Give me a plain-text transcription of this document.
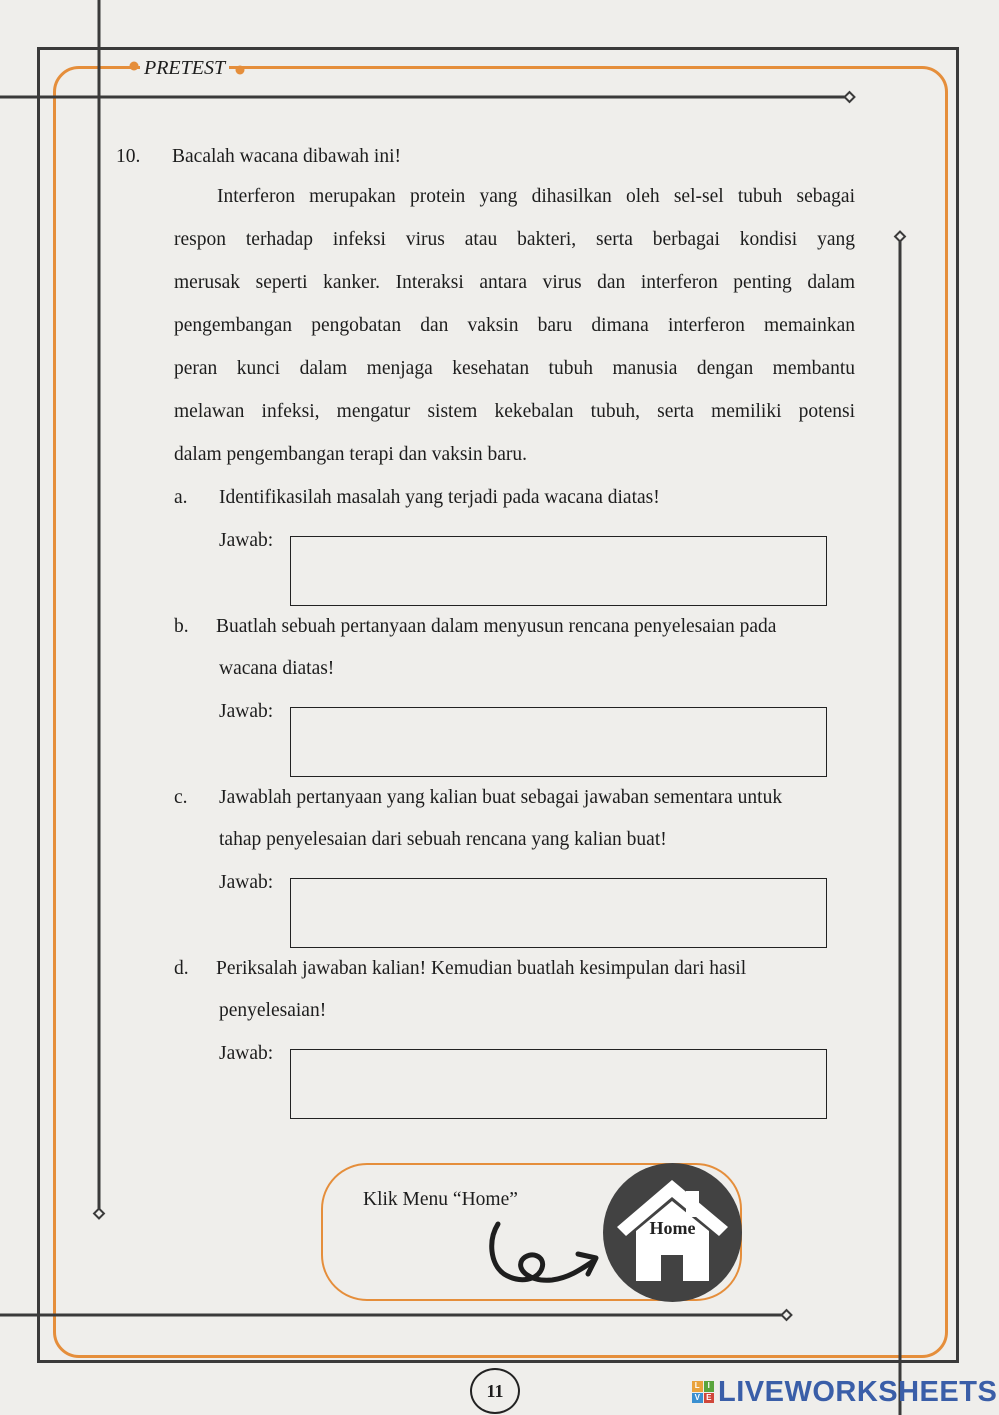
PRETEST
10. Bacalah wacana dibawah ini!
Interferon merupakan protein yang dihasilkan oleh sel-sel tubuh sebagai
respon terhadap infeksi virus atau bakteri, serta berbagai kondisi yang
merusak seperti kanker. Interaksi antara virus dan interferon penting dalam
pengembangan pengobatan dan vaksin baru dimana interferon memainkan
peran kunci dalam menjaga kesehatan tubuh manusia dengan membantu
melawan infeksi, mengatur sistem kekebalan tubuh, serta memiliki potensi
dalam pengembangan terapi dan vaksin baru.
a. Identifikasilah masalah yang terjadi pada wacana diatas!
Jawab:
b. Buatlah sebuah pertanyaan dalam menyusun rencana penyelesaian pada
wacana diatas!
Jawab:
c. Jawablah pertanyaan yang kalian buat sebagai jawaban sementara untuk
tahap penyelesaian dari sebuah rencana yang kalian buat!
Jawab:
d. Periksalah jawaban kalian! Kemudian buatlah kesimpulan dari hasil
penyelesaian!
Jawab:
Klik Menu “Home”
Home
11	L I
V E LIVEWORKSHEETS
